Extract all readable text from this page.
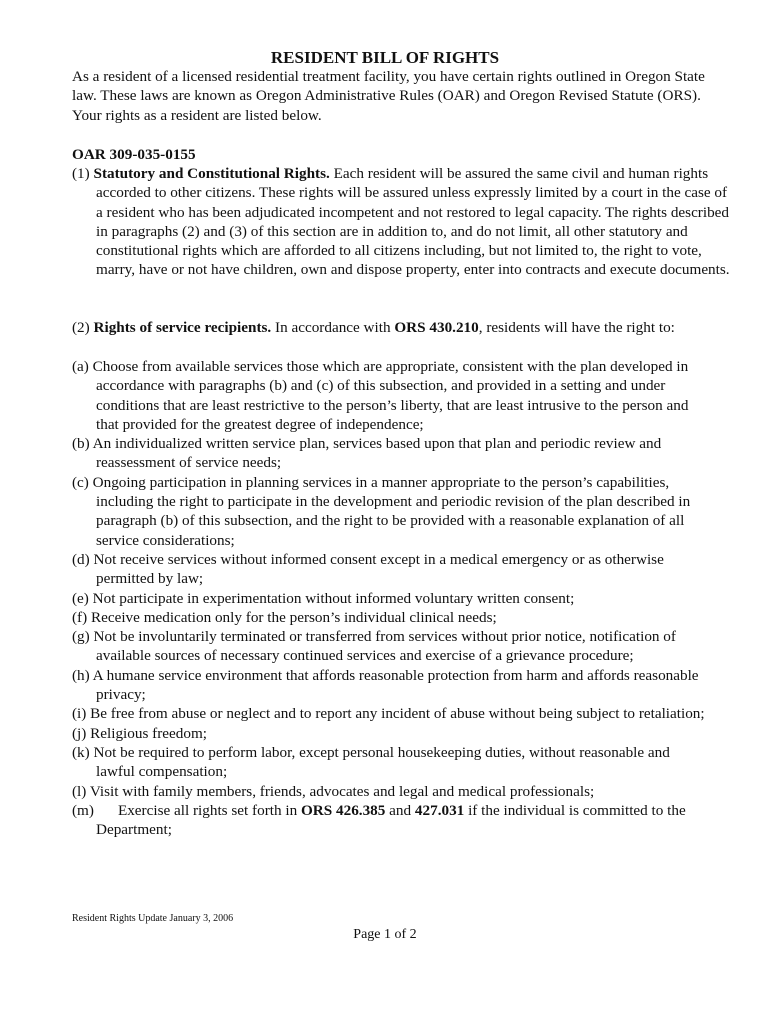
RESIDENT BILL OF RIGHTS
As a resident of a licensed residential treatment facility, you have certain rights outlined in Oregon State law. These laws are known as Oregon Administrative Rules (OAR) and Oregon Revised Statute (ORS). Your rights as a resident are listed below.
OAR 309-035-0155
(1) Statutory and Constitutional Rights. Each resident will be assured the same civil and human rights accorded to other citizens. These rights will be assured unless expressly limited by a court in the case of a resident who has been adjudicated incompetent and not restored to legal capacity. The rights described in paragraphs (2) and (3) of this section are in addition to, and do not limit, all other statutory and constitutional rights which are afforded to all citizens including, but not limited to, the right to vote, marry, have or not have children, own and dispose property, enter into contracts and execute documents.
(2) Rights of service recipients. In accordance with ORS 430.210, residents will have the right to:
(a) Choose from available services those which are appropriate, consistent with the plan developed in accordance with paragraphs (b) and (c) of this subsection, and provided in a setting and under conditions that are least restrictive to the person’s liberty, that are least intrusive to the person and that provided for the greatest degree of independence;
(b) An individualized written service plan, services based upon that plan and periodic review and reassessment of service needs;
(c) Ongoing participation in planning services in a manner appropriate to the person’s capabilities, including the right to participate in the development and periodic revision of the plan described in paragraph (b) of this subsection, and the right to be provided with a reasonable explanation of all service considerations;
(d) Not receive services without informed consent except in a medical emergency or as otherwise permitted by law;
(e) Not participate in experimentation without informed voluntary written consent;
(f) Receive medication only for the person’s individual clinical needs;
(g) Not be involuntarily terminated or transferred from services without prior notice, notification of available sources of necessary continued services and exercise of a grievance procedure;
(h) A humane service environment that affords reasonable protection from harm and affords reasonable privacy;
(i) Be free from abuse or neglect and to report any incident of abuse without being subject to retaliation;
(j) Religious freedom;
(k) Not be required to perform labor, except personal housekeeping duties, without reasonable and lawful compensation;
(l) Visit with family members, friends, advocates and legal and medical professionals;
(m) Exercise all rights set forth in ORS 426.385 and 427.031 if the individual is committed to the Department;
Resident Rights Update January 3, 2006
Page 1 of 2
